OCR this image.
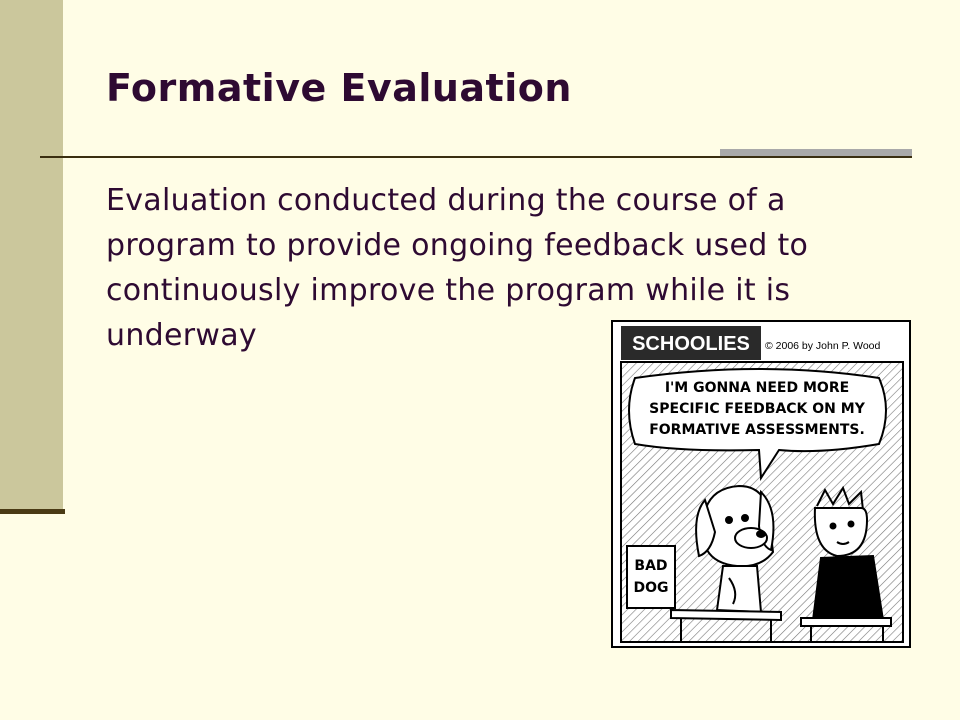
Formative Evaluation

Evaluation conducted during the course of a program to provide ongoing feedback used to continuously improve the program while it is underway	SCHOOLIES © 2006 by John P. Wood
I'M GONNA NEED MORE
SPECIFIC FEEDBACK ON MY
FORMATIVE ASSESSMENTS.
BAD
DOG
